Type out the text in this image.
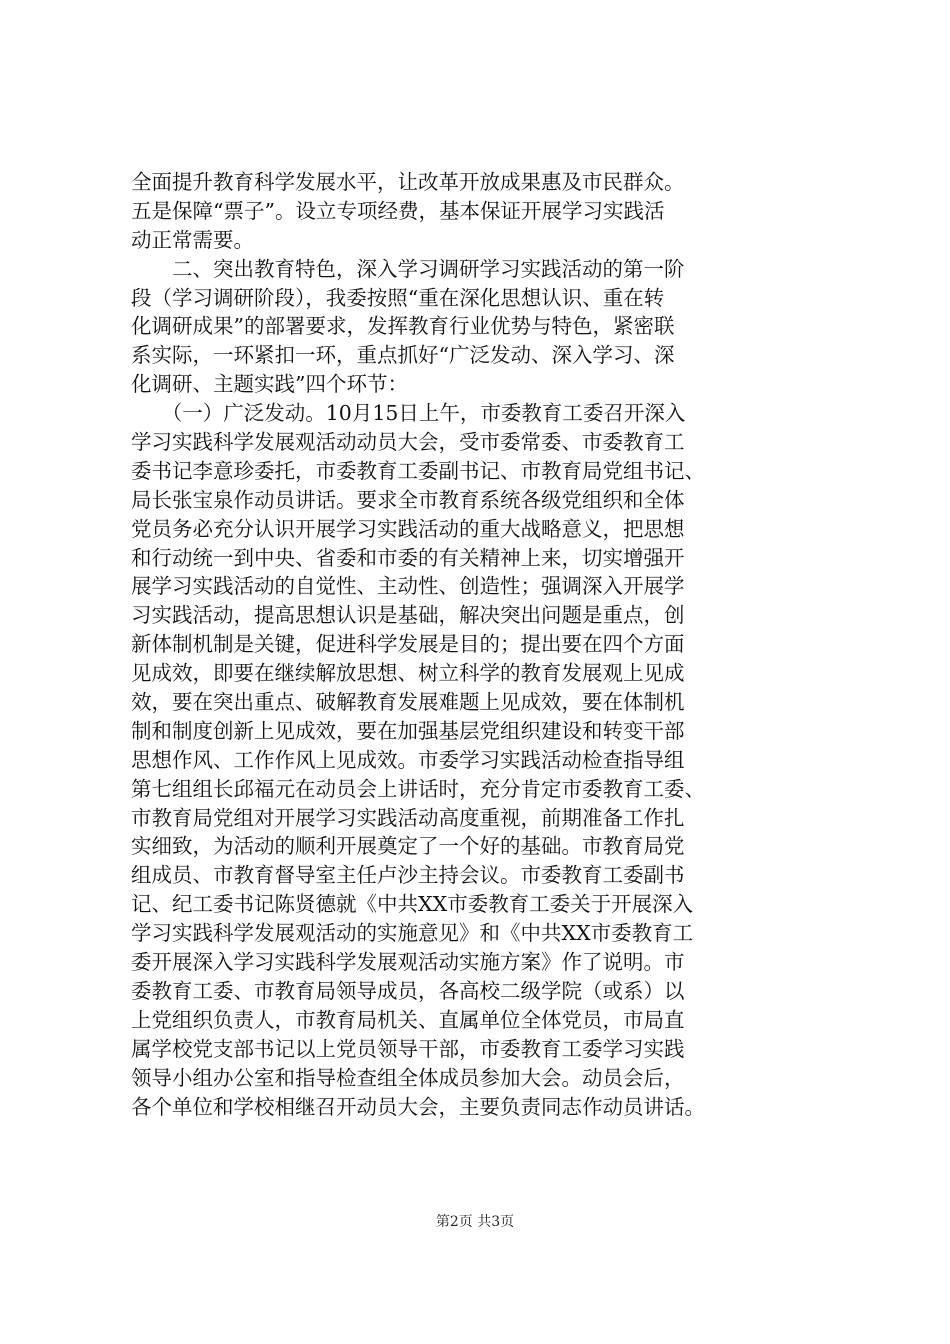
全面提升教育科学发展水平，让改革开放成果惠及市民群众。
五是保障“票子”。设立专项经费，基本保证开展学习实践活
动正常需要。
　　二、突出教育特色，深入学习调研学习实践活动的第一阶
段（学习调研阶段），我委按照“重在深化思想认识、重在转
化调研成果”的部署要求，发挥教育行业优势与特色，紧密联
系实际，一环紧扣一环，重点抓好“广泛发动、深入学习、深
化调研、主题实践”四个环节：
　　（一）广泛发动。10月15日上午，市委教育工委召开深入
学习实践科学发展观活动动员大会，受市委常委、市委教育工
委书记李意珍委托，市委教育工委副书记、市教育局党组书记、
局长张宝泉作动员讲话。要求全市教育系统各级党组织和全体
党员务必充分认识开展学习实践活动的重大战略意义，把思想
和行动统一到中央、省委和市委的有关精神上来，切实增强开
展学习实践活动的自觉性、主动性、创造性；强调深入开展学
习实践活动，提高思想认识是基础，解决突出问题是重点，创
新体制机制是关键，促进科学发展是目的；提出要在四个方面
见成效，即要在继续解放思想、树立科学的教育发展观上见成
效，要在突出重点、破解教育发展难题上见成效，要在体制机
制和制度创新上见成效，要在加强基层党组织建设和转变干部
思想作风、工作作风上见成效。市委学习实践活动检查指导组
第七组组长邱福元在动员会上讲话时，充分肯定市委教育工委、
市教育局党组对开展学习实践活动高度重视，前期准备工作扎
实细致，为活动的顺利开展奠定了一个好的基础。市教育局党
组成员、市教育督导室主任卢沙主持会议。市委教育工委副书
记、纪工委书记陈贤德就《中共XX市委教育工委关于开展深入
学习实践科学发展观活动的实施意见》和《中共XX市委教育工
委开展深入学习实践科学发展观活动实施方案》作了说明。市
委教育工委、市教育局领导成员，各高校二级学院（或系）以
上党组织负责人，市教育局机关、直属单位全体党员，市局直
属学校党支部书记以上党员领导干部，市委教育工委学习实践
领导小组办公室和指导检查组全体成员参加大会。动员会后，
各个单位和学校相继召开动员大会，主要负责同志作动员讲话。
第2页 共3页
